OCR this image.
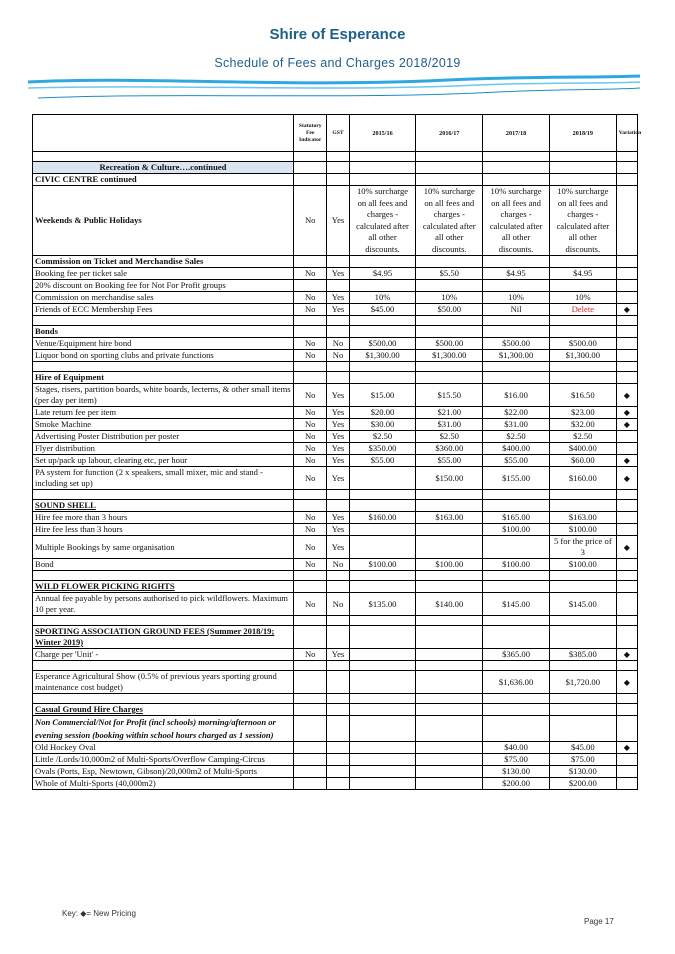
Shire of Esperance
Schedule of Fees and Charges 2018/2019
	Statutory Fee Indicator	GST	2015/16	2016/17	2017/18	2018/19	Variation

Recreation & Culture….continued							
CIVIC CENTRE continued							
Weekends & Public Holidays	No	Yes	10% surcharge on all fees and charges - calculated after all other discounts.	10% surcharge on all fees and charges - calculated after all other discounts.	10% surcharge on all fees and charges - calculated after all other discounts.	10% surcharge on all fees and charges - calculated after all other discounts.	
Commission on Ticket and Merchandise Sales							
Booking fee per ticket sale	No	Yes	$4.95	$5.50	$4.95	$4.95	
20% discount on Booking fee for Not For Profit groups							
Commission on merchandise sales	No	Yes	10%	10%	10%	10%	
Friends of ECC Membership Fees	No	Yes	$45.00	$50.00	Nil	Delete	◆

Bonds							
Venue/Equipment hire bond	No	No	$500.00	$500.00	$500.00	$500.00	
Liquor bond on sporting clubs and private functions	No	No	$1,300.00	$1,300.00	$1,300.00	$1,300.00	

Hire of Equipment							
Stages, risers, partition boards, white boards, lecterns, & other small items (per day per item)	No	Yes	$15.00	$15.50	$16.00	$16.50	◆
Late return fee per item	No	Yes	$20.00	$21.00	$22.00	$23.00	◆
Smoke Machine	No	Yes	$30.00	$31.00	$31.00	$32.00	◆
Advertising Poster Distribution per poster	No	Yes	$2.50	$2.50	$2.50	$2.50	
Flyer distribution	No	Yes	$350.00	$360.00	$400.00	$400.00	
Set up/pack up labour, clearing etc, per hour	No	Yes	$55.00	$55.00	$55.00	$60.00	◆
PA system for function (2 x speakers, small mixer, mic and stand - including set up)	No	Yes		$150.00	$155.00	$160.00	◆

SOUND SHELL							
Hire fee more than 3 hours	No	Yes	$160.00	$163.00	$165.00	$163.00	
Hire fee less than 3 hours	No	Yes			$100.00	$100.00	
Multiple Bookings by same organisation	No	Yes				5 for the price of 3	◆
Bond	No	No	$100.00	$100.00	$100.00	$100.00	

WILD FLOWER PICKING RIGHTS							
Annual fee payable by persons authorised to pick wildflowers. Maximum 10 per year.	No	No	$135.00	$140.00	$145.00	$145.00	

SPORTING ASSOCIATION GROUND FEES (Summer 2018/19; Winter 2019)							
Charge per 'Unit' -	No	Yes			$365.00	$385.00	◆

Esperance Agricultural Show (0.5% of previous years sporting ground maintenance cost budget)					$1,636.00	$1,720.00	◆

Casual Ground Hire Charges							
Non Commercial/Not for Profit (incl schools) morning/afternoon or evening session (booking within school hours charged as 1 session)							
Old Hockey Oval					$40.00	$45.00	◆
Little /Lords/10,000m2 of Multi-Sports/Overflow Camping-Circus					$75.00	$75.00	
Ovals (Ports, Esp, Newtown, Gibson)/20,000m2 of Multi-Sports					$130.00	$130.00	
Whole of Multi-Sports (40,000m2)					$200.00	$200.00	
Key: ◆= New Pricing
Page 17
